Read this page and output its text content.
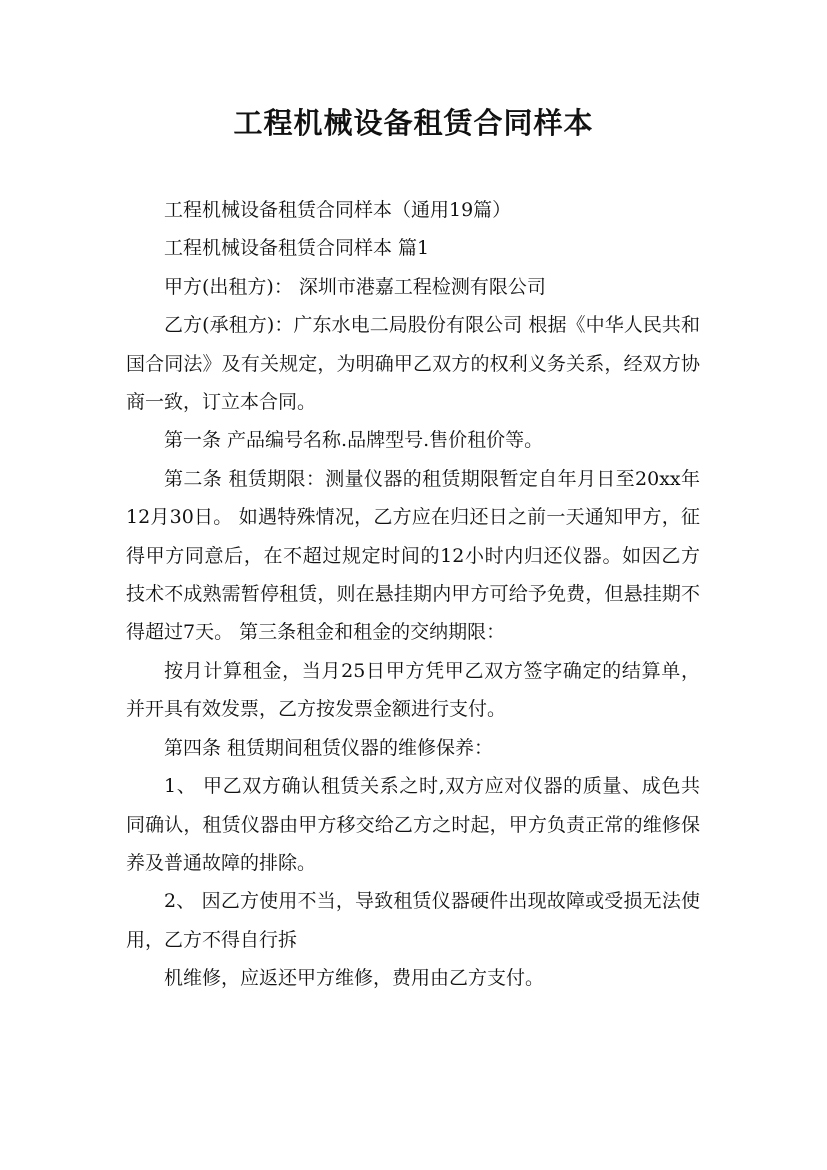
工程机械设备租赁合同样本

工程机械设备租赁合同样本（通用19篇）

工程机械设备租赁合同样本 篇1

甲方(出租方)： 深圳市港嘉工程检测有限公司

乙方(承租方)：广东水电二局股份有限公司 根据《中华人民共和国合同法》及有关规定，为明确甲乙双方的权利义务关系，经双方协商一致，订立本合同。

第一条 产品编号名称.品牌型号.售价租价等。

第二条 租赁期限：测量仪器的租赁期限暂定自年月日至20xx年12月30日。 如遇特殊情况，乙方应在归还日之前一天通知甲方，征得甲方同意后，在不超过规定时间的12小时内归还仪器。如因乙方技术不成熟需暂停租赁，则在悬挂期内甲方可给予免费，但悬挂期不得超过7天。 第三条租金和租金的交纳期限：

按月计算租金，当月25日甲方凭甲乙双方签字确定的结算单，并开具有效发票，乙方按发票金额进行支付。

第四条 租赁期间租赁仪器的维修保养：

1、 甲乙双方确认租赁关系之时,双方应对仪器的质量、成色共同确认，租赁仪器由甲方移交给乙方之时起，甲方负责正常的维修保养及普通故障的排除。

2、 因乙方使用不当，导致租赁仪器硬件出现故障或受损无法使用，乙方不得自行拆

机维修，应返还甲方维修，费用由乙方支付。
